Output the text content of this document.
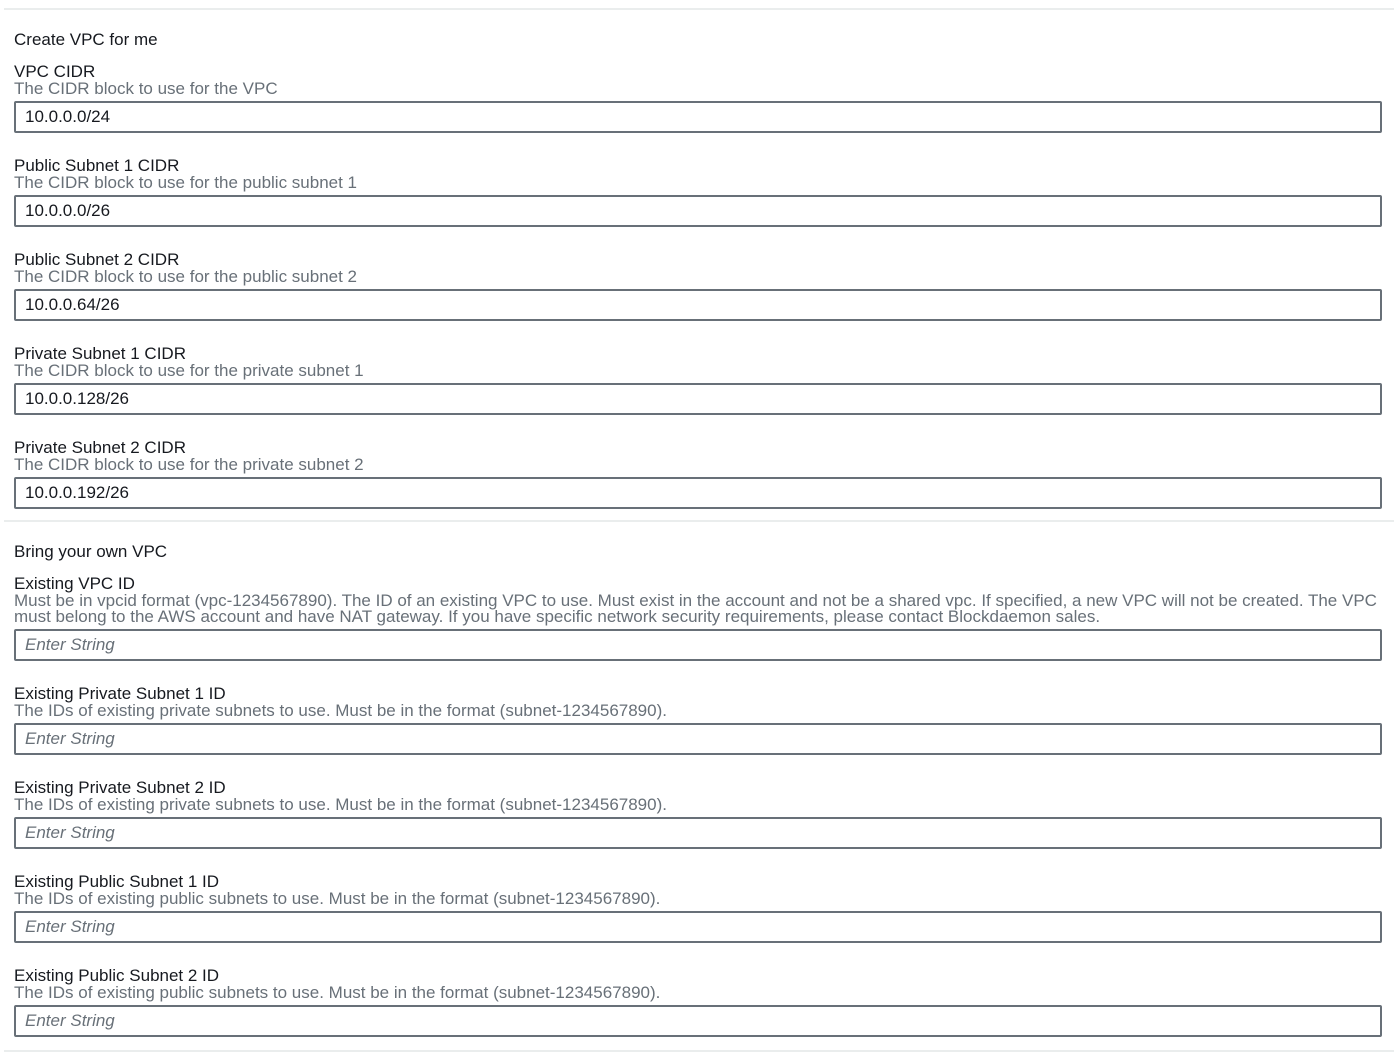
Create VPC for me
VPC CIDR
The CIDR block to use for the VPC
10.0.0.0/24
Public Subnet 1 CIDR
The CIDR block to use for the public subnet 1
10.0.0.0/26
Public Subnet 2 CIDR
The CIDR block to use for the public subnet 2
10.0.0.64/26
Private Subnet 1 CIDR
The CIDR block to use for the private subnet 1
10.0.0.128/26
Private Subnet 2 CIDR
The CIDR block to use for the private subnet 2
10.0.0.192/26
Bring your own VPC
Existing VPC ID
Must be in vpcid format (vpc-1234567890). The ID of an existing VPC to use. Must exist in the account and not be a shared vpc. If specified, a new VPC will not be created. The VPC must belong to the AWS account and have NAT gateway. If you have specific network security requirements, please contact Blockdaemon sales.
Enter String
Existing Private Subnet 1 ID
The IDs of existing private subnets to use. Must be in the format (subnet-1234567890).
Enter String
Existing Private Subnet 2 ID
The IDs of existing private subnets to use. Must be in the format (subnet-1234567890).
Enter String
Existing Public Subnet 1 ID
The IDs of existing public subnets to use. Must be in the format (subnet-1234567890).
Enter String
Existing Public Subnet 2 ID
The IDs of existing public subnets to use. Must be in the format (subnet-1234567890).
Enter String
